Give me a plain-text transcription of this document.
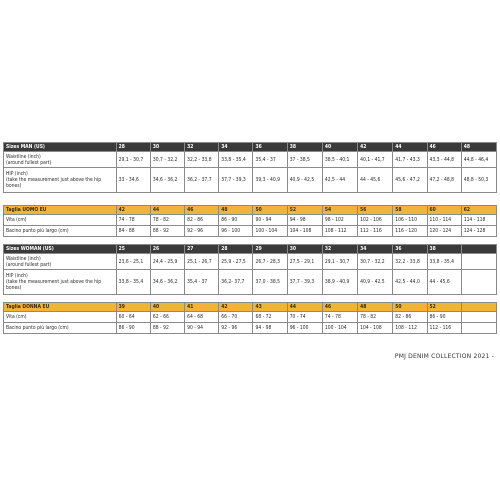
Sizes MAN (US)	28	30	32	34	36	38	40	42	44	46	48
Waistline (inch)
(around fullest part)	29,1 - 30,7	30,7 - 32,2	32,2 - 33,8	33,8 - 35,4	35,4 - 37	37 - 38,5	38,5 - 40,1	40,1 - 41,7	41,7 - 43,3	43,3 - 44,8	44,8 - 46,4
HIP (inch)
(take the measurement just above the hip bones)	33 - 34,6	34,6 - 36,2	36,2 - 37,7	37,7 - 39,3	39,3 - 40,9	40,9 - 42,5	42,5 - 44	44 - 45,6	45,6 - 47,2	47,2 - 48,8	48,8 - 50,3

Taglia UOMO EU	42	44	46	48	50	52	54	56	58	60	62
Vita (cm)	74 - 78	78 - 82	82 - 86	86 - 90	90 - 94	94 - 98	98 - 102	102 - 106	106 - 110	110 - 114	114 - 118
Bacino punto più largo (cm)	84 - 88	88 - 92	92 - 96	96 - 100	100 - 104	104 - 108	108 - 112	112 - 116	116 - 120	120 - 124	124 - 128

Sizes WOMAN (US)	25	26	27	28	29	30	32	34	36	38	
Waistline (inch)
(around fullest part)	23,6 - 25,1	24,4 - 25,9	25,1 - 26,7	25,9 - 27,5	26,7 - 28,3	27,5 - 29,1	29,1 - 30,7	30,7 - 32,2	32,2 - 33,8	33,8 - 35,4	
HIP (inch)
(take the measurement just above the hip bones)	33,8 - 35,4	34,6 - 36,2	35,4 - 37	36,2- 37,7	37,0 - 38,5	37,7 - 39,3	38,9 - 40,9	40,9 - 42,5	42,5 - 44,0	44 - 45,6	

Taglia DONNA EU	39	40	41	42	43	44	46	48	50	52	
Vita (cm)	60 - 64	62 - 66	64 - 68	66 - 70	68 - 72	70 - 74	74 - 78	78 - 82	82 - 86	86 - 90	
Bacino punto più largo (cm)	86 - 90	88 - 92	90 - 94	92 - 96	94 - 98	96 - 100	100 - 104	104 - 108	108 - 112	112 - 116	
PMJ DENIM COLLECTION 2021 -
